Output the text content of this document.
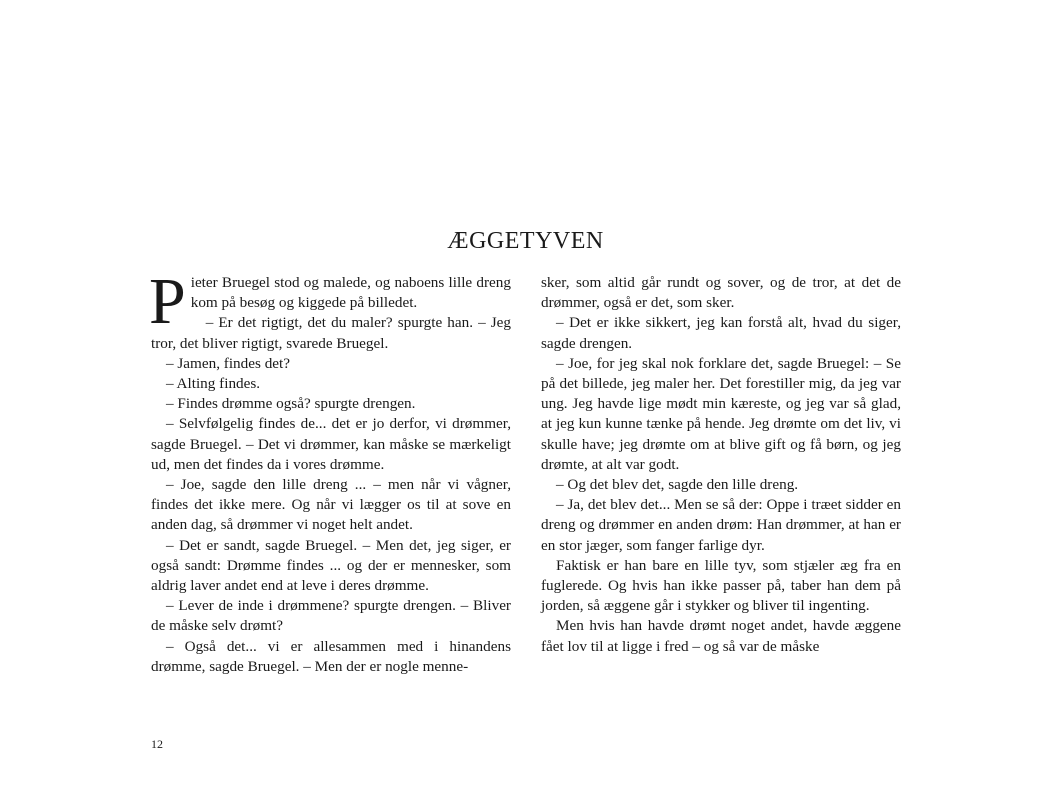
ÆGGETYVEN

Pieter Bruegel stod og malede, og naboens lille dreng kom på besøg og kiggede på billedet.

– Er det rigtigt, det du maler? spurgte han. – Jeg tror, det bliver rigtigt, svarede Bruegel.

– Jamen, findes det?

– Alting findes.

– Findes drømme også? spurgte drengen.

– Selvfølgelig findes de... det er jo derfor, vi drømmer, sagde Bruegel. – Det vi drømmer, kan måske se mærkeligt ud, men det findes da i vores drømme.

– Joe, sagde den lille dreng ... – men når vi vågner, findes det ikke mere. Og når vi lægger os til at sove en anden dag, så drømmer vi noget helt andet.

– Det er sandt, sagde Bruegel. – Men det, jeg siger, er også sandt: Drømme findes ... og der er mennesker, som aldrig laver andet end at leve i deres drømme.

– Lever de inde i drømmene? spurgte drengen. – Bliver de måske selv drømt?

– Også det... vi er allesammen med i hinandens drømme, sagde Bruegel. – Men der er nogle menne-

sker, som altid går rundt og sover, og de tror, at det de drømmer, også er det, som sker.

– Det er ikke sikkert, jeg kan forstå alt, hvad du siger, sagde drengen.

– Joe, for jeg skal nok forklare det, sagde Bruegel: – Se på det billede, jeg maler her. Det forestiller mig, da jeg var ung. Jeg havde lige mødt min kæreste, og jeg var så glad, at jeg kun kunne tænke på hende. Jeg drømte om det liv, vi skulle have; jeg drømte om at blive gift og få børn, og jeg drømte, at alt var godt.

– Og det blev det, sagde den lille dreng.

– Ja, det blev det... Men se så der: Oppe i træet sidder en dreng og drømmer en anden drøm: Han drømmer, at han er en stor jæger, som fanger farlige dyr.

Faktisk er han bare en lille tyv, som stjæler æg fra en fuglerede. Og hvis han ikke passer på, taber han dem på jorden, så æggene går i stykker og bliver til ingenting.

Men hvis han havde drømt noget andet, havde æggene fået lov til at ligge i fred – og så var de måske

12
